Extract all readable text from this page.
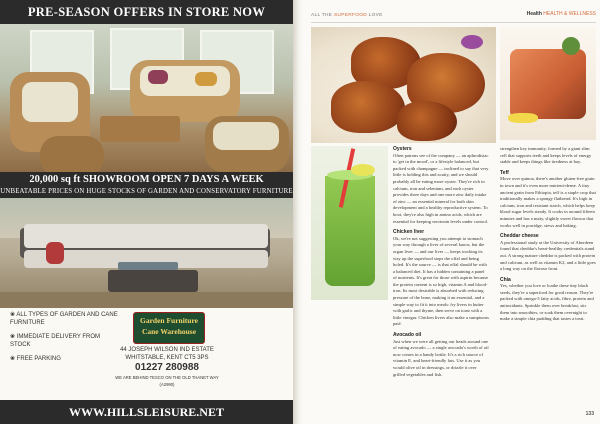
PRE-SEASON OFFERS IN STORE NOW
20,000 sq ft SHOWROOM OPEN 7 DAYS A WEEK
UNBEATABLE PRICES ON HUGE STOCKS OF GARDEN AND CONSERVATORY FURNITURE
❀ ALL TYPES OF GARDEN AND CANE FURNITURE
❀ IMMEDIATE DELIVERY FROM STOCK
❀ FREE PARKING
Garden Furniture
Cane Warehouse
44 JOSEPH WILSON IND ESTATE
WHITSTABLE, KENT CT5 3PS
01227 280988
WE ARE BEHIND TESCO ON THE OLD THANET WAY (A2990)
WWW.HILLSLEISURE.NET
ALL THE SUPERFOOD LOVE	Health HEALTH & WELLNESS

Oysters
Often patrons see of the company — an aphrodisiac to 'get in the mood', or a lifestyle balanced, but packed with champagne — inclined to say that very little is holding this and acuity, and we should probably all be eating more oyster. They're rich in calcium, iron and selenium, and each oyster provides three days and one more zinc daily intake of zinc — an essential mineral for both skin development and a healthy reproductive system. To boot, they're also high in amino acids, which are essential for keeping serotonin levels under control.

Chicken liver
Ok, we're not suggesting you attempt to stomach your way through a liver of several kaoos, but the organ liver — and our liver — keeps working its way up the superfood stops the offal and being holed. It's the source — is that offal should be with a balanced diet. It has a hidden containing a panel of nutrients. It's great for those with aspirin because the protein content is so high, vitamin A and blood-iron. Its most desirable is absorbed with reducing pressure of the bone, making it an essential, and a simple way to fit it into meals: fry livers in butter with garlic and thyme, then serve on toast with a little vinegar. Chicken livers also make a sumptuous paté.

Avocado oil
Just when we were all getting our heads around one of eating avocado — a single avocado's worth of oil now comes in a handy bottle. It's a rich source of vitamin E, and heart-friendly fats. Use it as you would olive oil in dressings, or drizzle it over grilled vegetables and fish.

strengthen key immunity, formed by a giant slim cell that supports teeth and keeps levels of energy stable and keeps things like tiredness at bay.

Teff
Move over quinoa, there's another gluten-free grain in town and it's even more nutrient-dense. A tiny ancient grain from Ethiopia, teff is a staple crop that traditionally makes a spongy flatbread. It's high in calcium, iron and resistant starch, which helps keep blood sugar levels steady. It cooks in around fifteen minutes and has a nutty, slightly sweet flavour that works well in porridge, stews and baking.

Cheddar cheese
A professional study at the University of Aberdeen found that cheddar's heart-healthy credentials stand out. A strong mature cheddar is packed with protein and calcium, as well as vitamin K2, and a little goes a long way on the flavour front.

Chia
Yes, whether you love or loathe these tiny black seeds, they're a superfood for good reason. They're packed with omega-3 fatty acids, fibre, protein and antioxidants. Sprinkle them over breakfast, stir them into smoothies, or soak them overnight to make a simple chia pudding that tastes a treat.

133
